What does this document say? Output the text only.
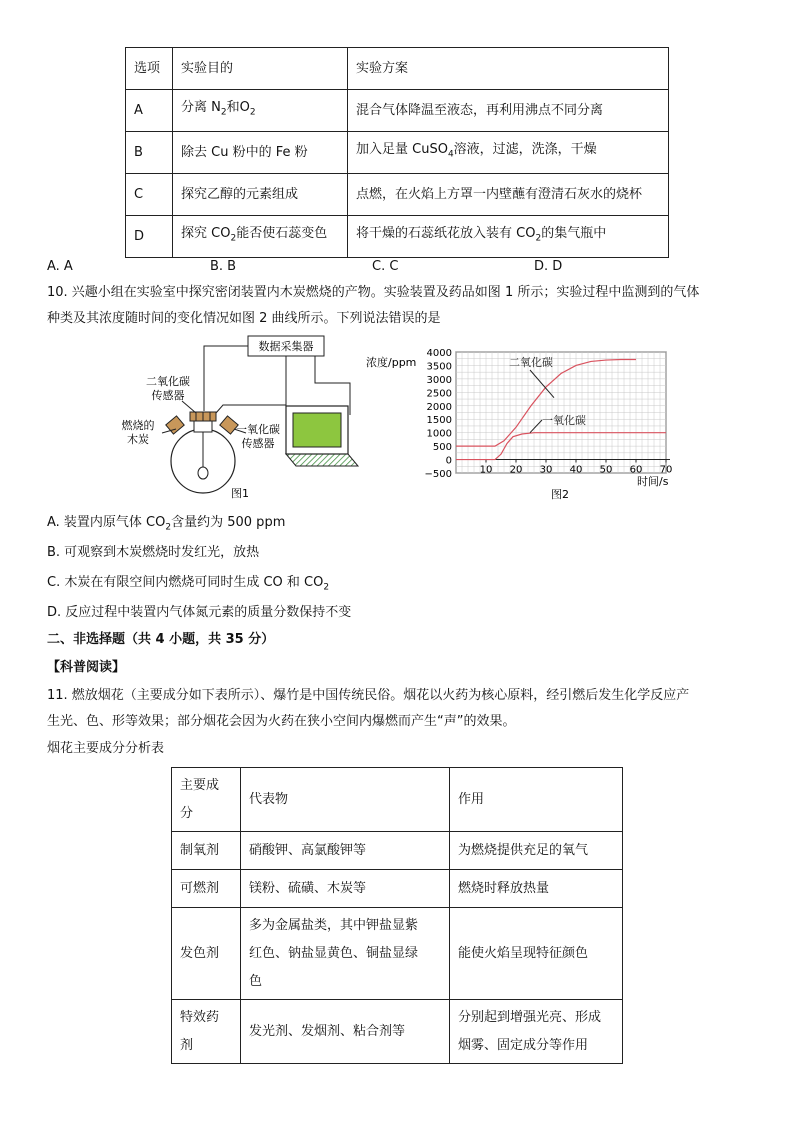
选项	实验目的	实验方案
A	分离 $N_2$和$O_2$	混合气体降温至液态，再利用沸点不同分离
B	除去 Cu 粉中的 Fe 粉	加入足量 CuSO$_4$溶液，过滤，洗涤，干燥
C	探究乙醇的元素组成	点燃，在火焰上方罩一内壁蘸有澄清石灰水的烧杯
D	探究 $CO_2$能否使石蕊变色	将干燥的石蕊纸花放入装有 $CO_2$的集气瓶中
A. A	B. B	C. C	D. D
10. 兴趣小组在实验室中探究密闭装置内木炭燃烧的产物。实验装置及药品如图 1 所示；实验过程中监测到的气体
种类及其浓度随时间的变化情况如图 2 曲线所示。下列说法错误的是
数据采集器
二氧化碳
传感器
燃烧的
木炭
一氧化碳
传感器
图1
−500
0
500
1000
1500
2000
2500
3000
3500
4000
10 20 30 40 50 60 70
浓度/ppm
时间/s
二氧化碳
一氧化碳
图2
A. 装置内原气体 $CO_2$含量约为 500 ppm
B. 可观察到木炭燃烧时发红光，放热
C. 木炭在有限空间内燃烧可同时生成 CO 和 $CO_2$
D. 反应过程中装置内气体氮元素的质量分数保持不变
二、非选择题（共 4 小题，共 35 分）
【科普阅读】
11. 燃放烟花（主要成分如下表所示）、爆竹是中国传统民俗。烟花以火药为核心原料，经引燃后发生化学反应产
生光、色、形等效果；部分烟花会因为火药在狭小空间内爆燃而产生“声”的效果。
烟花主要成分分析表
主要成
分	代表物	作用
制氧剂	硝酸钾、高氯酸钾等	为燃烧提供充足的氧气
可燃剂	镁粉、硫磺、木炭等	燃烧时释放热量
发色剂	多为金属盐类，其中钾盐显紫
红色、钠盐显黄色、铜盐显绿
色	能使火焰呈现特征颜色
特效药
剂	发光剂、发烟剂、粘合剂等	分别起到增强光亮、形成
烟雾、固定成分等作用
